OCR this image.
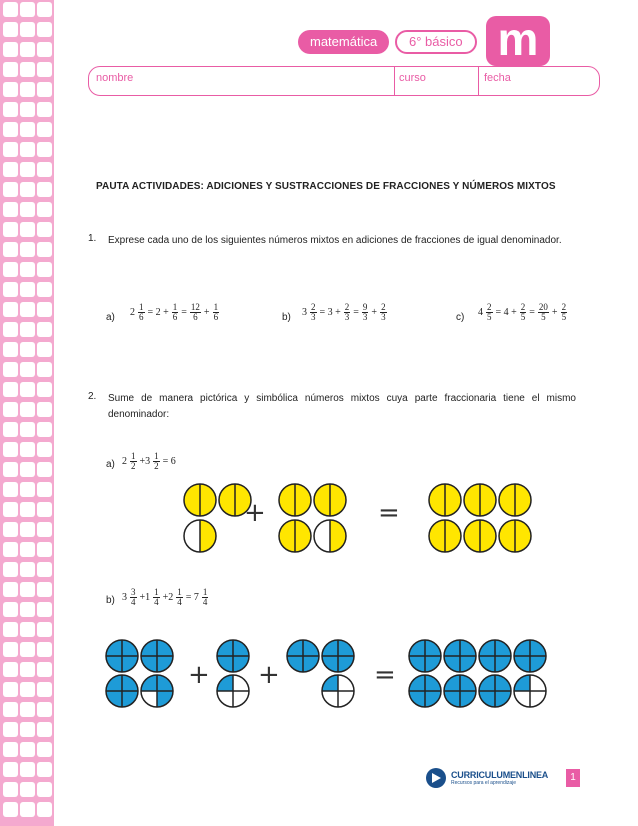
matemática	6° básico m
nombre	curso	fecha
PAUTA ACTIVIDADES: ADICIONES Y SUSTRACCIONES DE FRACCIONES Y NÚMEROS MIXTOS
1. Exprese cada uno de los siguientes números mixtos en adiciones de fracciones de igual denominador.
a) $2 \frac{1}{6} = 2 + \frac{1}{6} = \frac{12}{6} + \frac{1}{6}$	b) $3 \frac{2}{3} = 3 + \frac{2}{3} = \frac{9}{3} + \frac{2}{3}$	c) $4 \frac{2}{5} = 4 + \frac{2}{5} = \frac{20}{5} + \frac{2}{5}$
2. Sume de manera pictórica y simbólica números mixtos cuya parte fraccionaria tiene el mismo denominador:
a) $2 \frac{1}{2} +3 \frac{1}{2} = 6$
+	=
b) $3 \frac{3}{4} +1 \frac{1}{4} +2 \frac{1}{4} = 7 \frac{1}{4}$
+ +	=
CURRICULUMENLINEA
Recursos para el aprendizaje	1
